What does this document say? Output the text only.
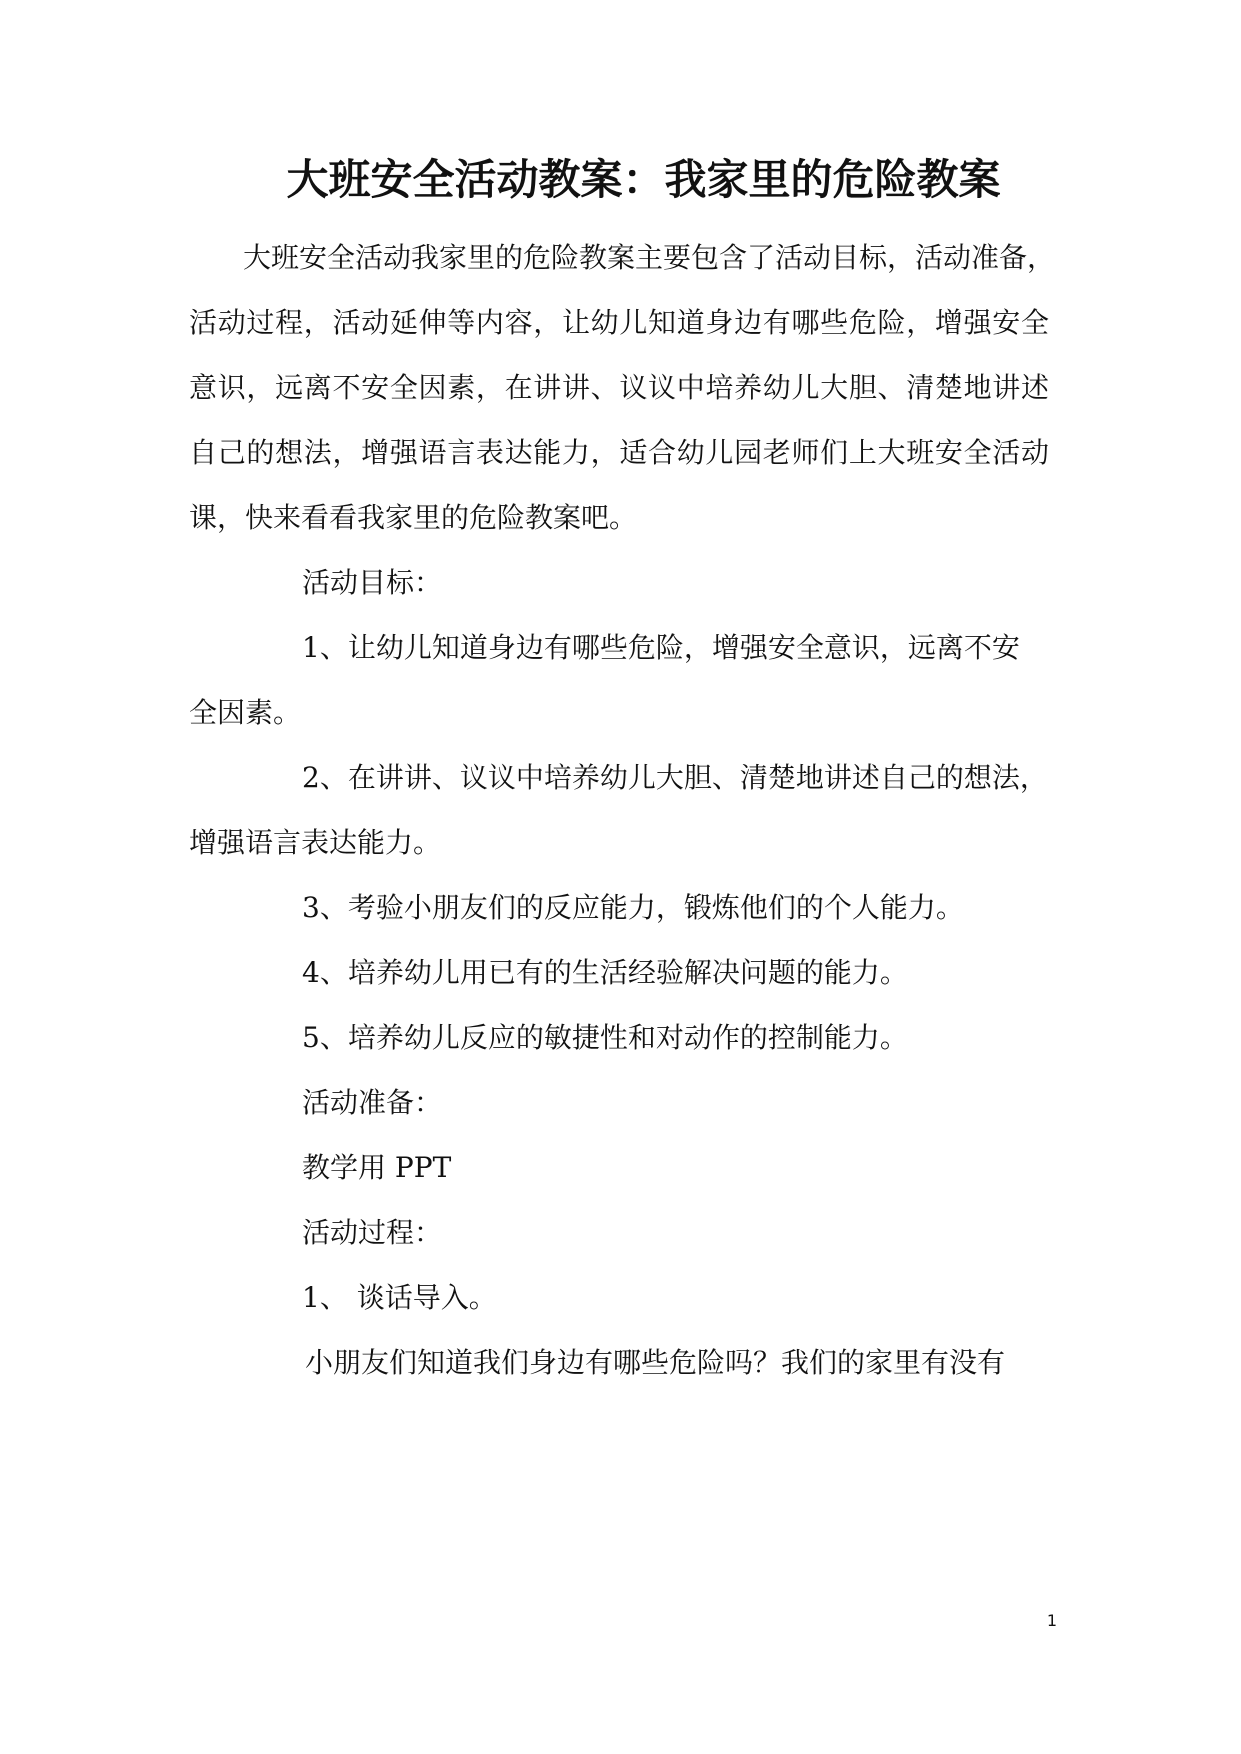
大班安全活动教案：我家里的危险教案
大班安全活动我家里的危险教案主要包含了活动目标，活动准备，
活动过程，活动延伸等内容，让幼儿知道身边有哪些危险，增强安全
意识，远离不安全因素，在讲讲、议议中培养幼儿大胆、清楚地讲述
自己的想法，增强语言表达能力，适合幼儿园老师们上大班安全活动
课，快来看看我家里的危险教案吧。
活动目标：
1、让幼儿知道身边有哪些危险，增强安全意识，远离不安
全因素。
2、在讲讲、议议中培养幼儿大胆、清楚地讲述自己的想法，
增强语言表达能力。
3、考验小朋友们的反应能力，锻炼他们的个人能力。
4、培养幼儿用已有的生活经验解决问题的能力。
5、培养幼儿反应的敏捷性和对动作的控制能力。
活动准备：
教学用 PPT
活动过程：
1、 谈话导入。
小朋友们知道我们身边有哪些危险吗？我们的家里有没有
1
